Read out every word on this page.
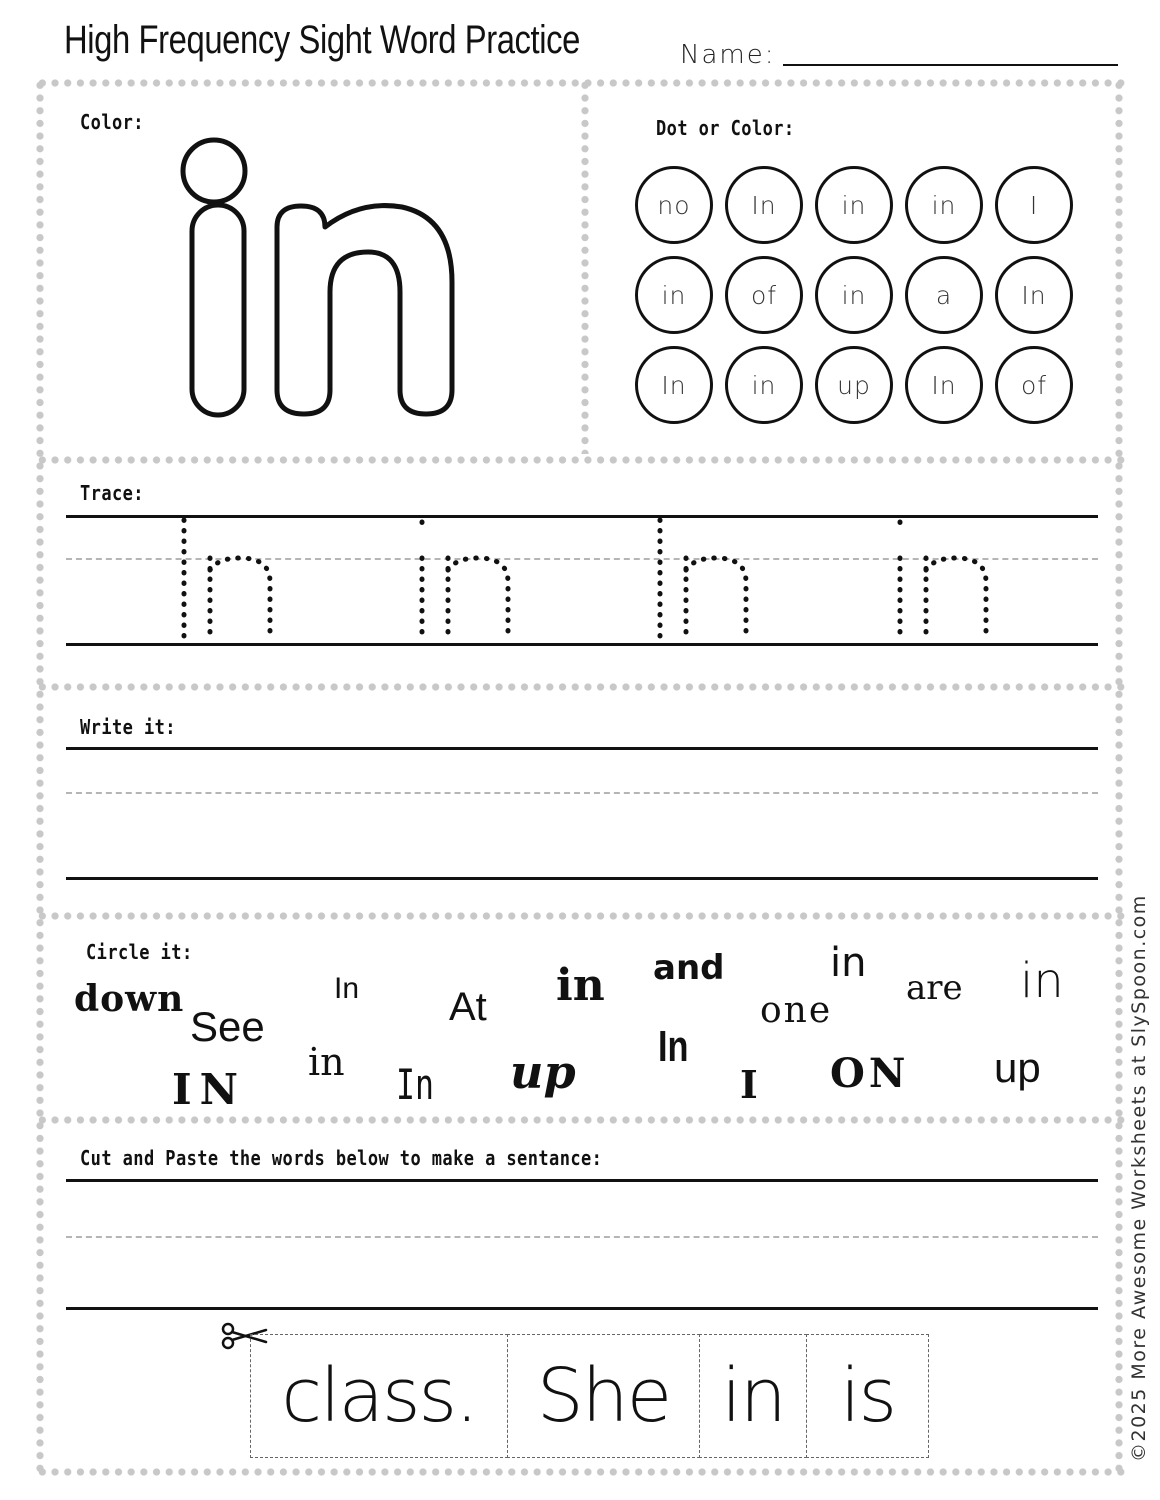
High Frequency Sight Word Practice	Name:
Color:	Dot or Color:
no	In	in	in	I
in	of	in	a	In
In	in	up	In	of
Trace:
Write it:
Circle it:
down
See
In At in and	in
one
are in
IN
in In up In
I ON up
Cut and Paste the words below to make a sentance:
class. She in is	©2025 More Awesome Worksheets at SlySpoon.com
